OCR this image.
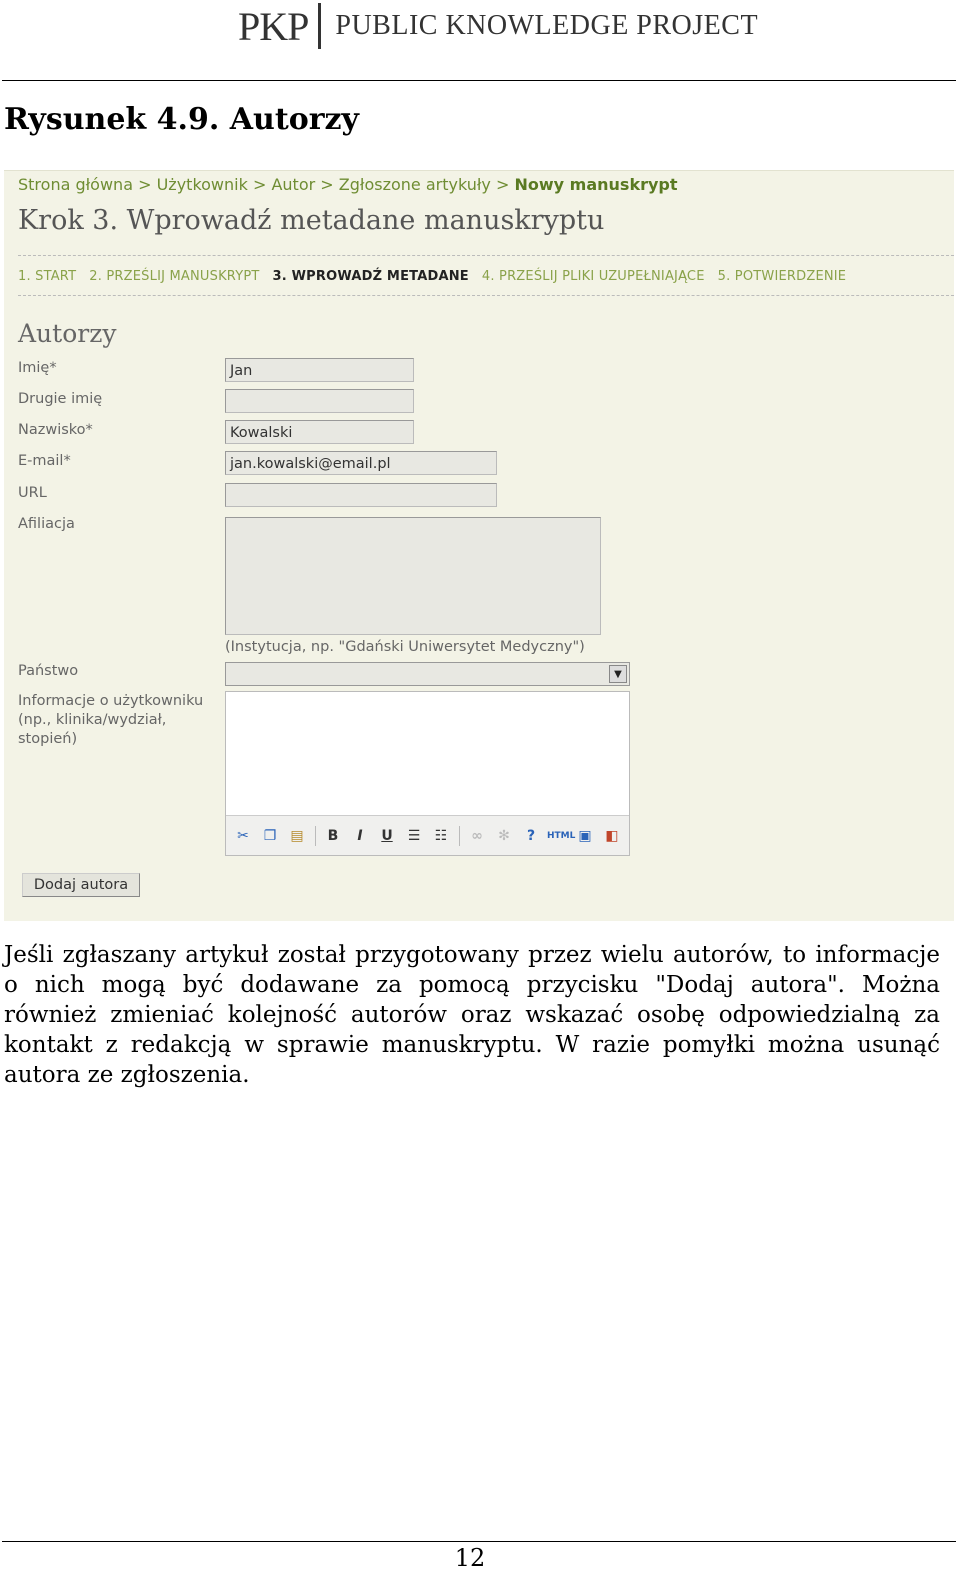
PKP PUBLIC KNOWLEDGE PROJECT
Rysunek 4.9. Autorzy
Strona główna > Użytkownik > Autor > Zgłoszone artykuły > Nowy manuskrypt
Krok 3. Wprowadź metadane manuskryptu
1. START 2. PRZEŚLIJ MANUSKRYPT 3. WPROWADŹ METADANE 4. PRZEŚLIJ PLIKI UZUPEŁNIAJĄCE 5. POTWIERDZENIE
Autorzy
Imię*	Jan
Drugie imię
Nazwisko*	Kowalski
E-mail*	jan.kowalski@email.pl
URL
Afiliacja
(Instytucja, np. "Gdański Uniwersytet Medyczny")
Państwo	▼
Informacje o użytkowniku (np., klinika/wydział, stopień)
✂	❐	▤	B	I	U	☰	☷	∞	✻	?	HTML ▣ ◧
Dodaj autora
Jeśli zgłaszany artykuł został przygotowany przez wielu autorów, to informacje o nich mogą być dodawane za pomocą przycisku "Dodaj autora". Można również zmieniać kolejność autorów oraz wskazać osobę odpowiedzialną za kontakt z redakcją w sprawie manuskryptu. W razie pomyłki można usunąć autora ze zgłoszenia.
12
